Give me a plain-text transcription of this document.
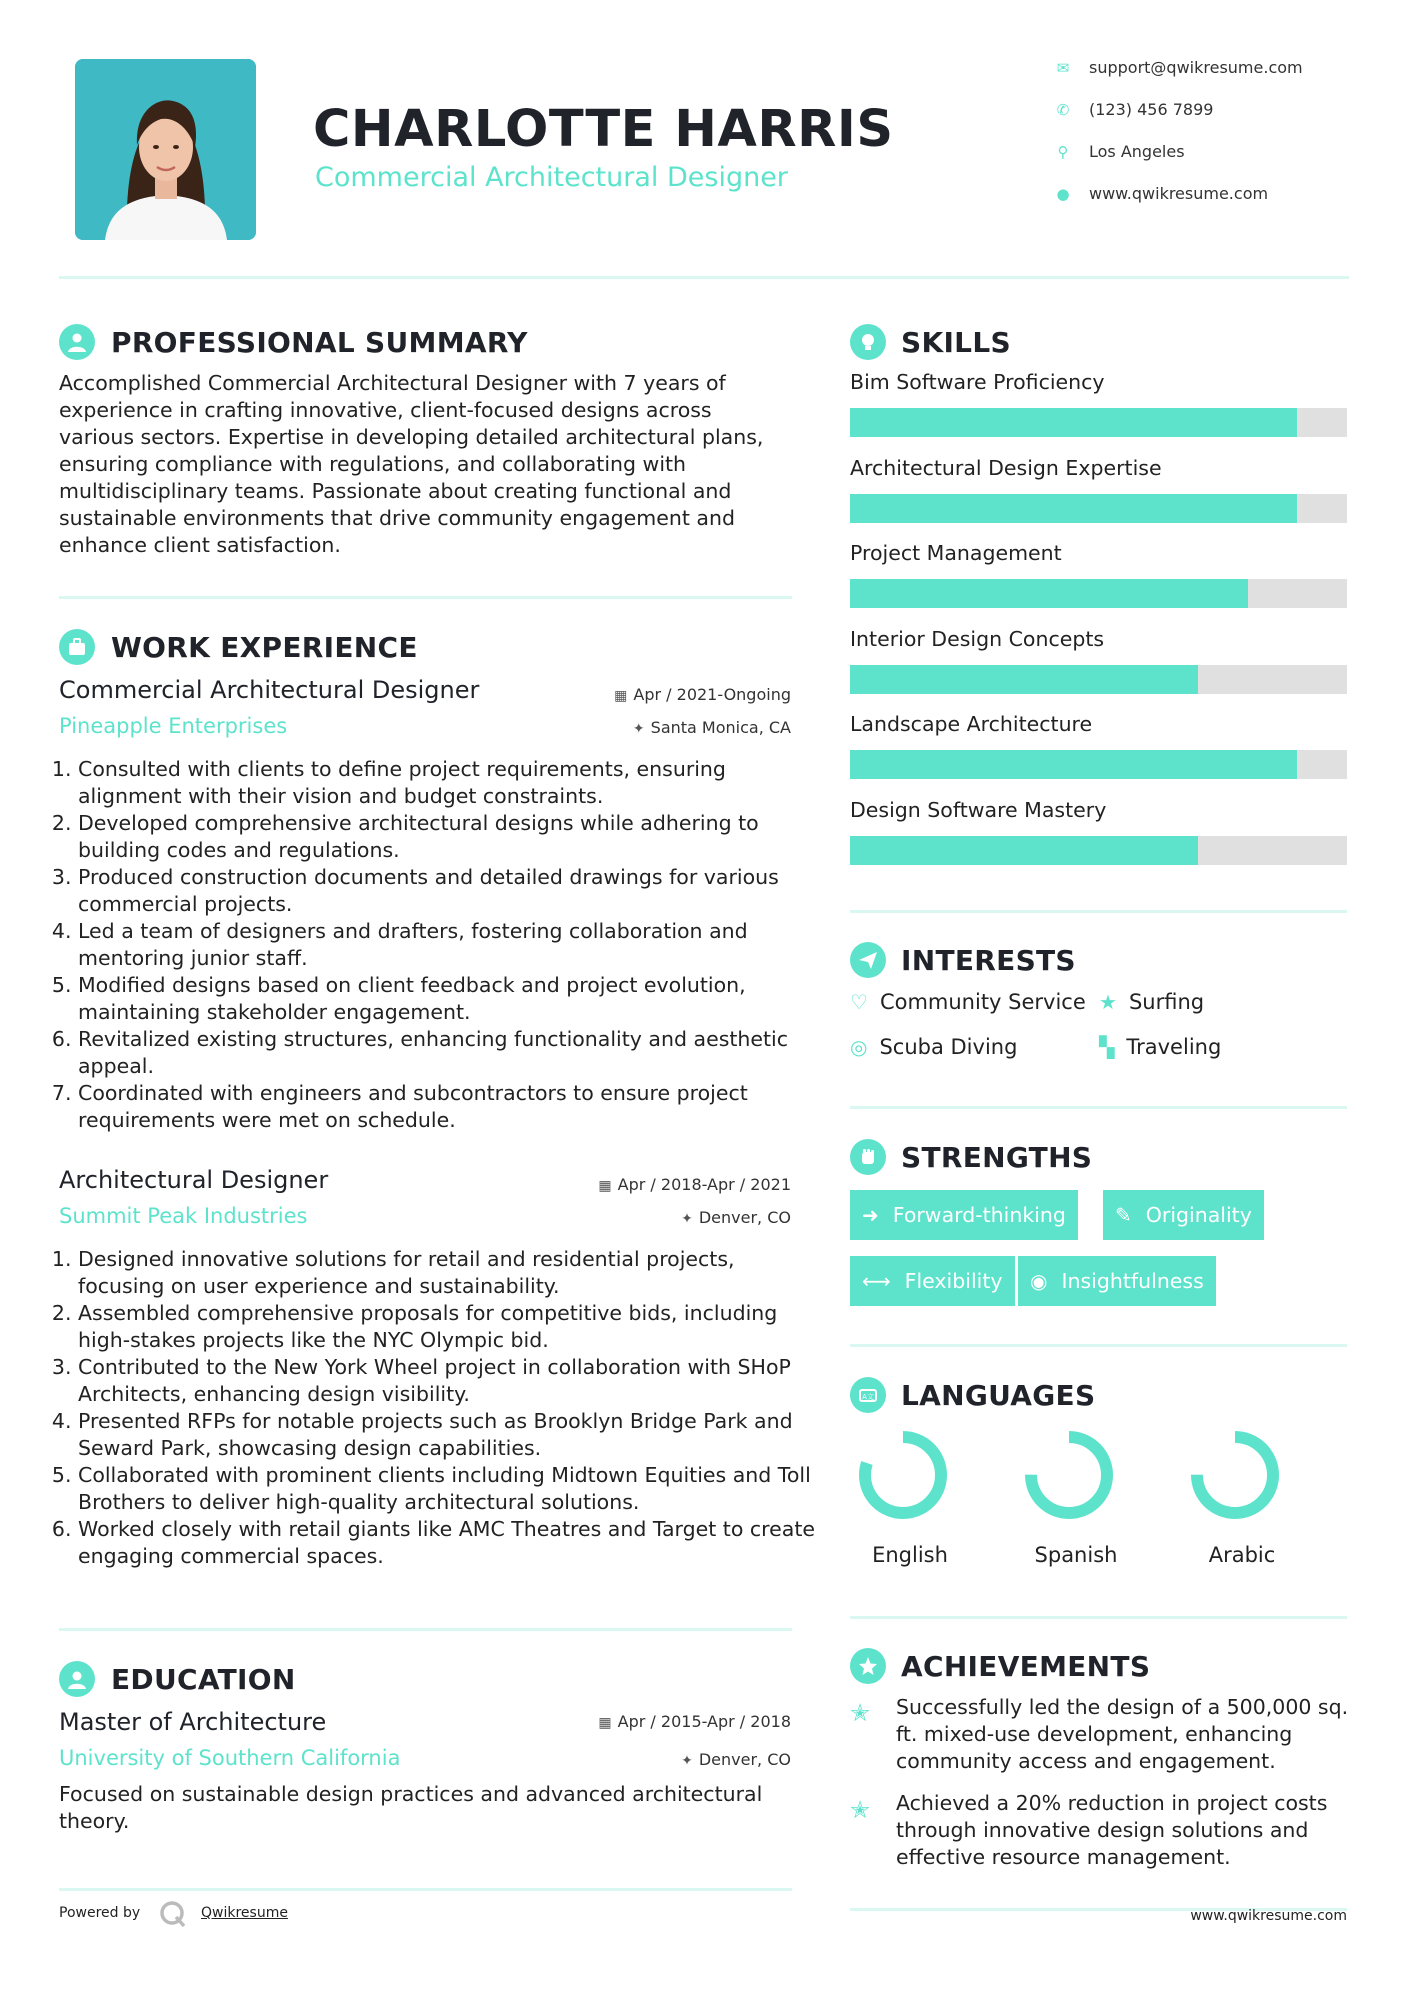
CHARLOTTE HARRIS
Commercial Architectural Designer
✉ support@qwikresume.com
✆ (123) 456 7899
⚲ Los Angeles
● www.qwikresume.com
PROFESSIONAL SUMMARY
Accomplished Commercial Architectural Designer with 7 years of
experience in crafting innovative, client-focused designs across
various sectors. Expertise in developing detailed architectural plans,
ensuring compliance with regulations, and collaborating with
multidisciplinary teams. Passionate about creating functional and
sustainable environments that drive community engagement and
enhance client satisfaction.
WORK EXPERIENCE
Commercial Architectural Designer	▦ Apr / 2021-Ongoing
Pineapple Enterprises	✦ Santa Monica, CA
1. Consulted with clients to define project requirements, ensuring alignment with their vision and budget constraints.
2. Developed comprehensive architectural designs while adhering to building codes and regulations.
3. Produced construction documents and detailed drawings for various commercial projects.
4. Led a team of designers and drafters, fostering collaboration and mentoring junior staff.
5. Modified designs based on client feedback and project evolution, maintaining stakeholder engagement.
6. Revitalized existing structures, enhancing functionality and aesthetic appeal.
7. Coordinated with engineers and subcontractors to ensure project requirements were met on schedule.
Architectural Designer	▦ Apr / 2018-Apr / 2021
Summit Peak Industries	✦ Denver, CO
1. Designed innovative solutions for retail and residential projects, focusing on user experience and sustainability.
2. Assembled comprehensive proposals for competitive bids, including high-stakes projects like the NYC Olympic bid.
3. Contributed to the New York Wheel project in collaboration with SHoP Architects, enhancing design visibility.
4. Presented RFPs for notable projects such as Brooklyn Bridge Park and Seward Park, showcasing design capabilities.
5. Collaborated with prominent clients including Midtown Equities and Toll Brothers to deliver high-quality architectural solutions.
6. Worked closely with retail giants like AMC Theatres and Target to create engaging commercial spaces.
EDUCATION
Master of Architecture	▦ Apr / 2015-Apr / 2018
University of Southern California	✦ Denver, CO
Focused on sustainable design practices and advanced architectural
theory.
Powered by	Qwikresume
SKILLS
Bim Software Proficiency
Architectural Design Expertise
Project Management
Interior Design Concepts
Landscape Architecture
Design Software Mastery
INTERESTS
♡ Community Service ★ Surfing
◎ Scuba Diving	▚ Traveling
STRENGTHS
➜ Forward-thinking ✎ Originality
⟷ Flexibility ◉ Insightfulness
A文 LANGUAGES
English	Spanish	Arabic
ACHIEVEMENTS
✭	Successfully led the design of a 500,000 sq.
ft. mixed-use development, enhancing
community access and engagement.
✭	Achieved a 20% reduction in project costs
through innovative design solutions and
effective resource management.
www.qwikresume.com
